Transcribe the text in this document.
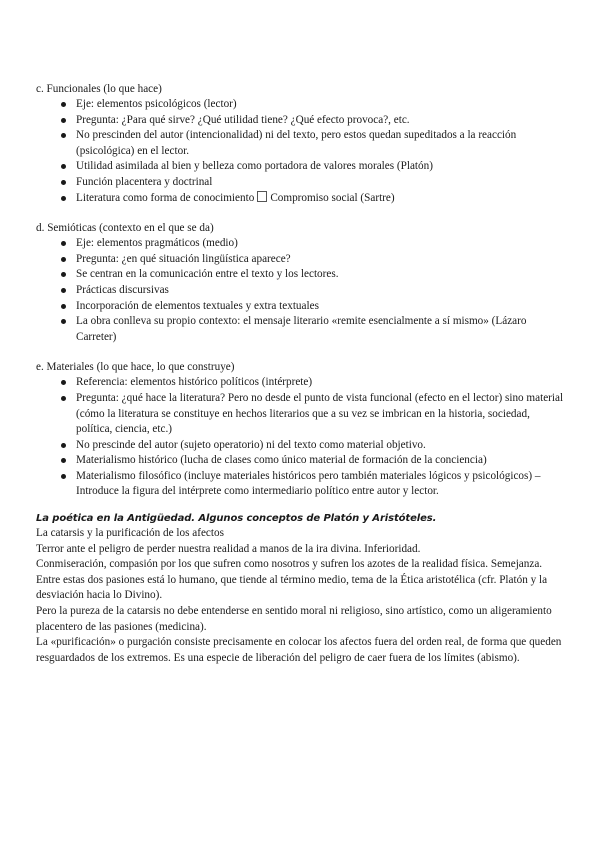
c. Funcionales (lo que hace)

Eje: elementos psicológicos (lector)
Pregunta: ¿Para qué sirve? ¿Qué utilidad tiene? ¿Qué efecto provoca?, etc.
No prescinden del autor (intencionalidad) ni del texto, pero estos quedan supeditados a la reacción (psicológica) en el lector.
Utilidad asimilada al bien y belleza como portadora de valores morales (Platón)
Función placentera y doctrinal
Literatura como forma de conocimiento Compromiso social (Sartre)

d. Semióticas (contexto en el que se da)

Eje: elementos pragmáticos (medio)
Pregunta: ¿en qué situación lingüística aparece?
Se centran en la comunicación entre el texto y los lectores.
Prácticas discursivas
Incorporación de elementos textuales y extra textuales
La obra conlleva su propio contexto: el mensaje literario «remite esencialmente a sí mismo» (Lázaro Carreter)

e. Materiales (lo que hace, lo que construye)

Referencia: elementos histórico políticos (intérprete)
Pregunta: ¿qué hace la literatura? Pero no desde el punto de vista funcional (efecto en el lector) sino material (cómo la literatura se constituye en hechos literarios que a su vez se imbrican en la historia, sociedad, política, ciencia, etc.)
No prescinde del autor (sujeto operatorio) ni del texto como material objetivo.
Materialismo histórico (lucha de clases como único material de formación de la conciencia)
Materialismo filosófico (incluye materiales históricos pero también materiales lógicos y psicológicos) – Introduce la figura del intérprete como intermediario político entre autor y lector.

La poética en la Antigüedad. Algunos conceptos de Platón y Aristóteles.

La catarsis y la purificación de los afectos

Terror ante el peligro de perder nuestra realidad a manos de la ira divina. Inferioridad.

Conmiseración, compasión por los que sufren como nosotros y sufren los azotes de la realidad física. Semejanza.

Entre estas dos pasiones está lo humano, que tiende al término medio, tema de la Ética aristotélica (cfr. Platón y la desviación hacia lo Divino).

Pero la pureza de la catarsis no debe entenderse en sentido moral ni religioso, sino artístico, como un aligeramiento placentero de las pasiones (medicina).

La «purificación» o purgación consiste precisamente en colocar los afectos fuera del orden real, de forma que queden resguardados de los extremos. Es una especie de liberación del peligro de caer fuera de los límites (abismo).
